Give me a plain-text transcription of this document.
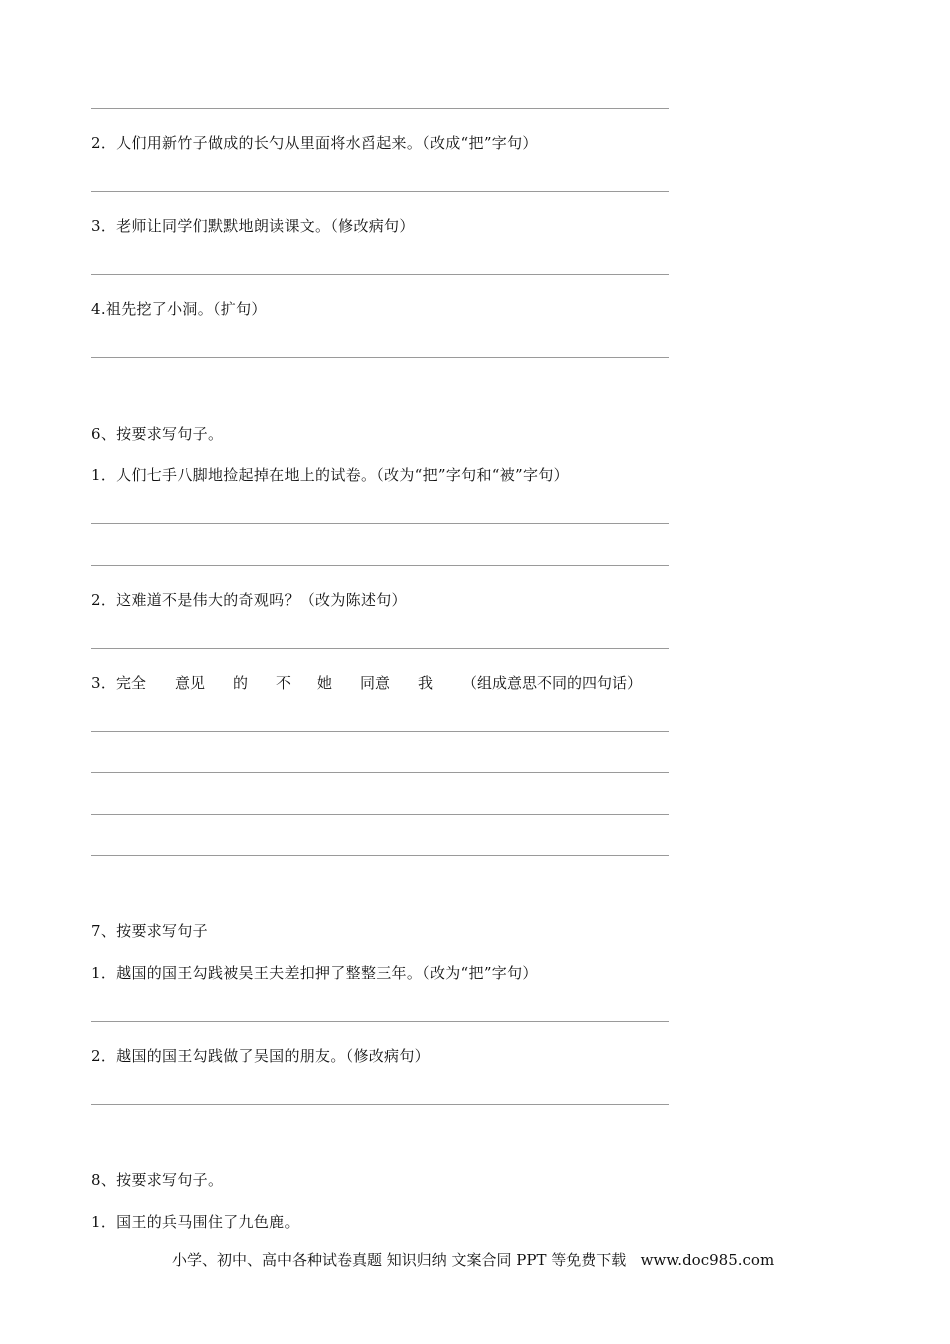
2．人们用新竹子做成的长勺从里面将水舀起来。（改成“把”字句）
3．老师让同学们默默地朗读课文。（修改病句）
4.祖先挖了小洞。（扩句）
6、按要求写句子。
1．人们七手八脚地捡起掉在地上的试卷。（改为“把”字句和“被”字句）
2．这难道不是伟大的奇观吗？（改为陈述句）
3． 完全 意见 的 不 她 同意 我 （组成意思不同的四句话）
7、按要求写句子
1．越国的国王勾践被吴王夫差扣押了整整三年。（改为“把”字句）
2．越国的国王勾践做了吴国的朋友。（修改病句）
8、按要求写句子。
1．国王的兵马围住了九色鹿。
小学、初中、高中各种试卷真题 知识归纳 文案合同 PPT 等免费下载   www.doc985.com
